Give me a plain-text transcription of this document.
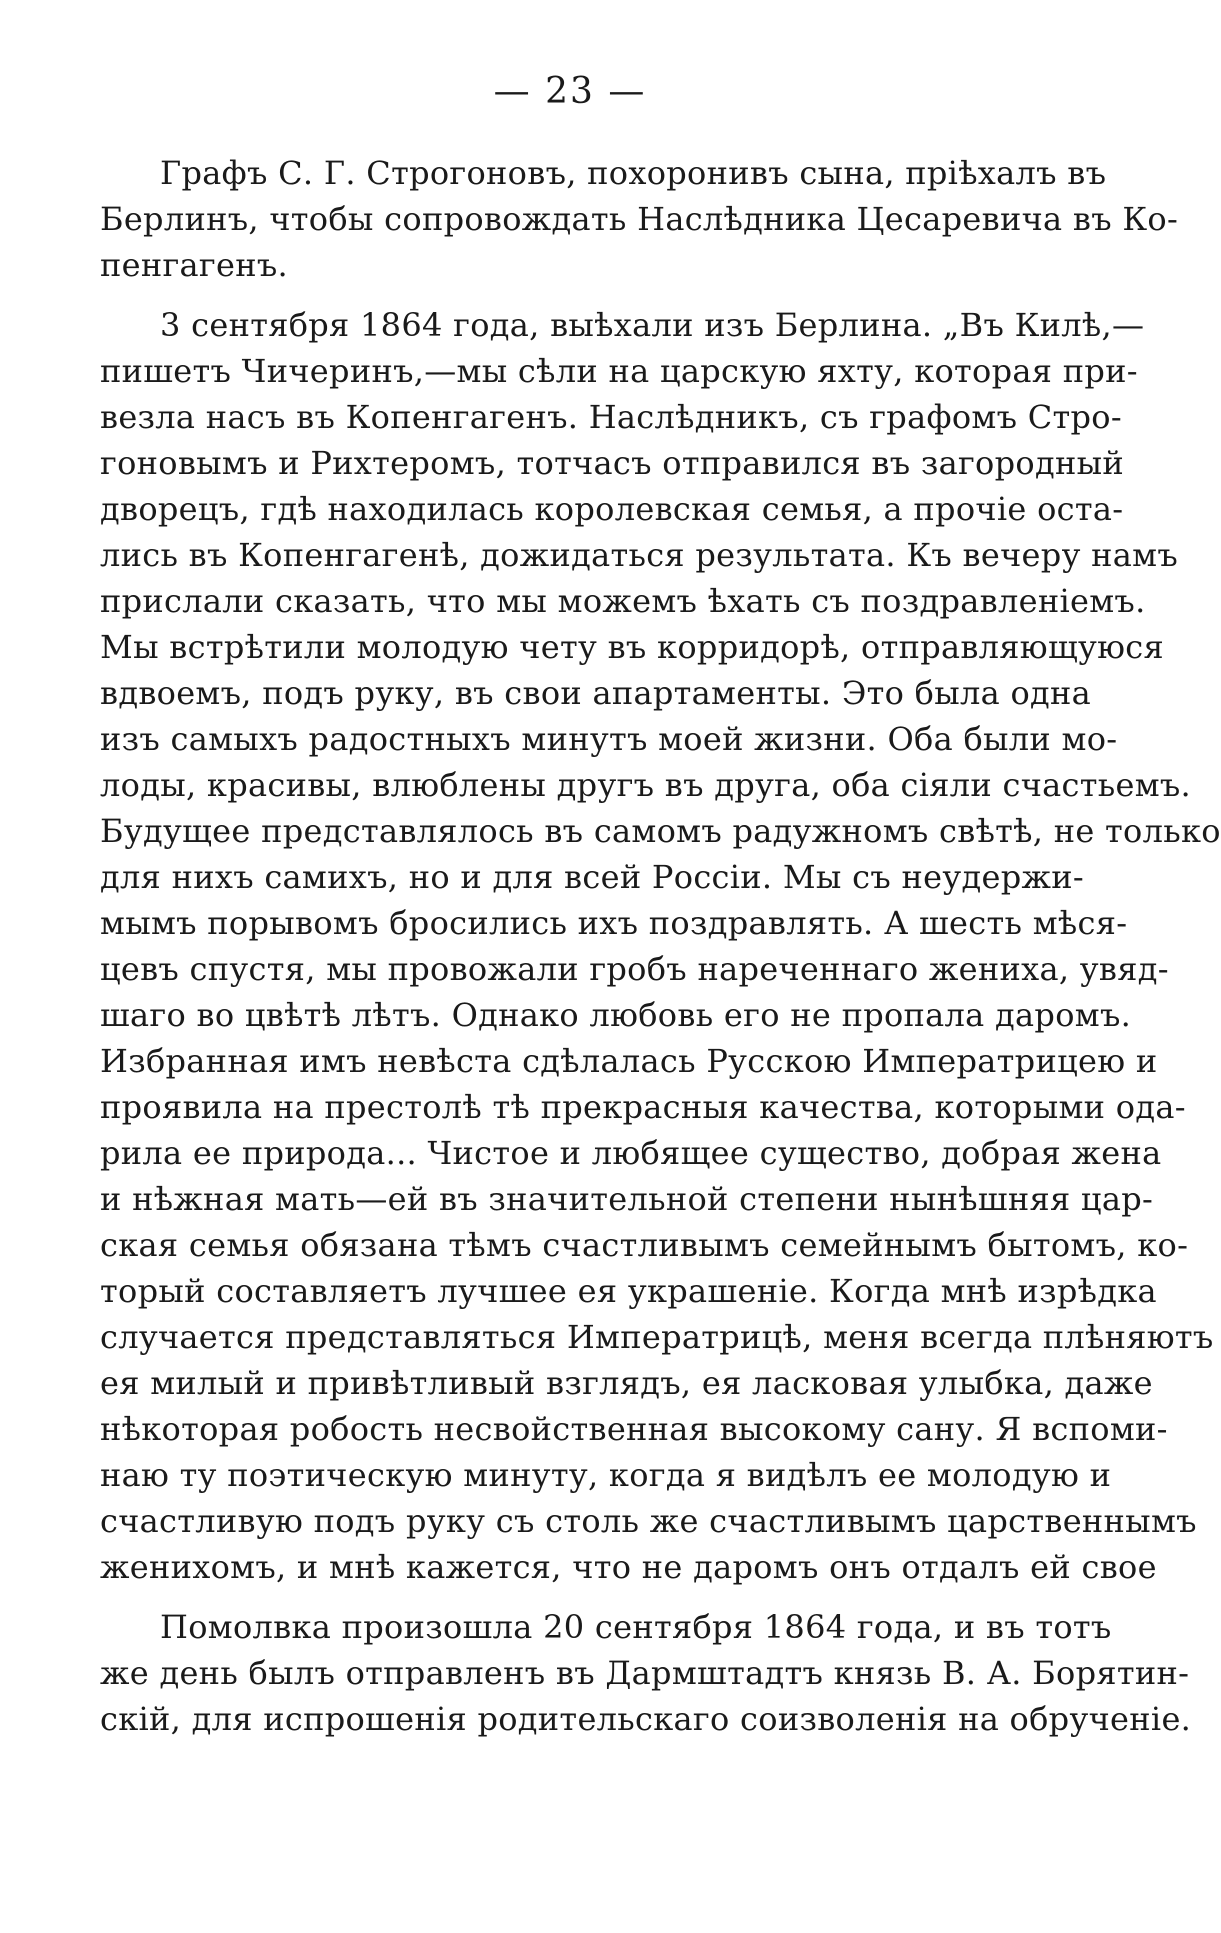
— 23 —
Графъ С. Г. Строгоновъ, похоронивъ сына, пріѣхалъ въ
Берлинъ, чтобы сопровождать Наслѣдника Цесаревича въ Ко-
пенгагенъ.
3 сентября 1864 года, выѣхали изъ Берлина. „Въ Килѣ,—
пишетъ Чичеринъ,—мы сѣли на царскую яхту, которая при-
везла насъ въ Копенгагенъ. Наслѣдникъ, съ графомъ Стро-
гоновымъ и Рихтеромъ, тотчасъ отправился въ загородный
дворецъ, гдѣ находилась королевская семья, а прочіе оста-
лись въ Копенгагенѣ, дожидаться результата. Къ вечеру намъ
прислали сказать, что мы можемъ ѣхать съ поздравленіемъ.
Мы встрѣтили молодую чету въ корридорѣ, отправляющуюся
вдвоемъ, подъ руку, въ свои апартаменты. Это была одна
изъ самыхъ радостныхъ минутъ моей жизни. Оба были мо-
лоды, красивы, влюблены другъ въ друга, оба сіяли счастьемъ.
Будущее представлялось въ самомъ радужномъ свѣтѣ, не только
для нихъ самихъ, но и для всей Россіи. Мы съ неудержи-
мымъ порывомъ бросились ихъ поздравлять. А шесть мѣся-
цевъ спустя, мы провожали гробъ нареченнаго жениха, увяд-
шаго во цвѣтѣ лѣтъ. Однако любовь его не пропала даромъ.
Избранная имъ невѣста сдѣлалась Русскою Императрицею и
проявила на престолѣ тѣ прекрасныя качества, которыми ода-
рила ее природа... Чистое и любящее существо, добрая жена
и нѣжная мать—ей въ значительной степени нынѣшняя цар-
ская семья обязана тѣмъ счастливымъ семейнымъ бытомъ, ко-
торый составляетъ лучшее ея украшеніе. Когда мнѣ изрѣдка
случается представляться Императрицѣ, меня всегда плѣняютъ
ея милый и привѣтливый взглядъ, ея ласковая улыбка, даже
нѣкоторая робость несвойственная высокому сану. Я вспоми-
наю ту поэтическую минуту, когда я видѣлъ ее молодую и
счастливую подъ руку съ столь же счастливымъ царственнымъ
женихомъ, и мнѣ кажется, что не даромъ онъ отдалъ ей свое
Помолвка произошла 20 сентября 1864 года, и въ тотъ
же день былъ отправленъ въ Дармштадтъ князь В. А. Борятин-
скій, для испрошенія родительскаго соизволенія на обрученіе.
